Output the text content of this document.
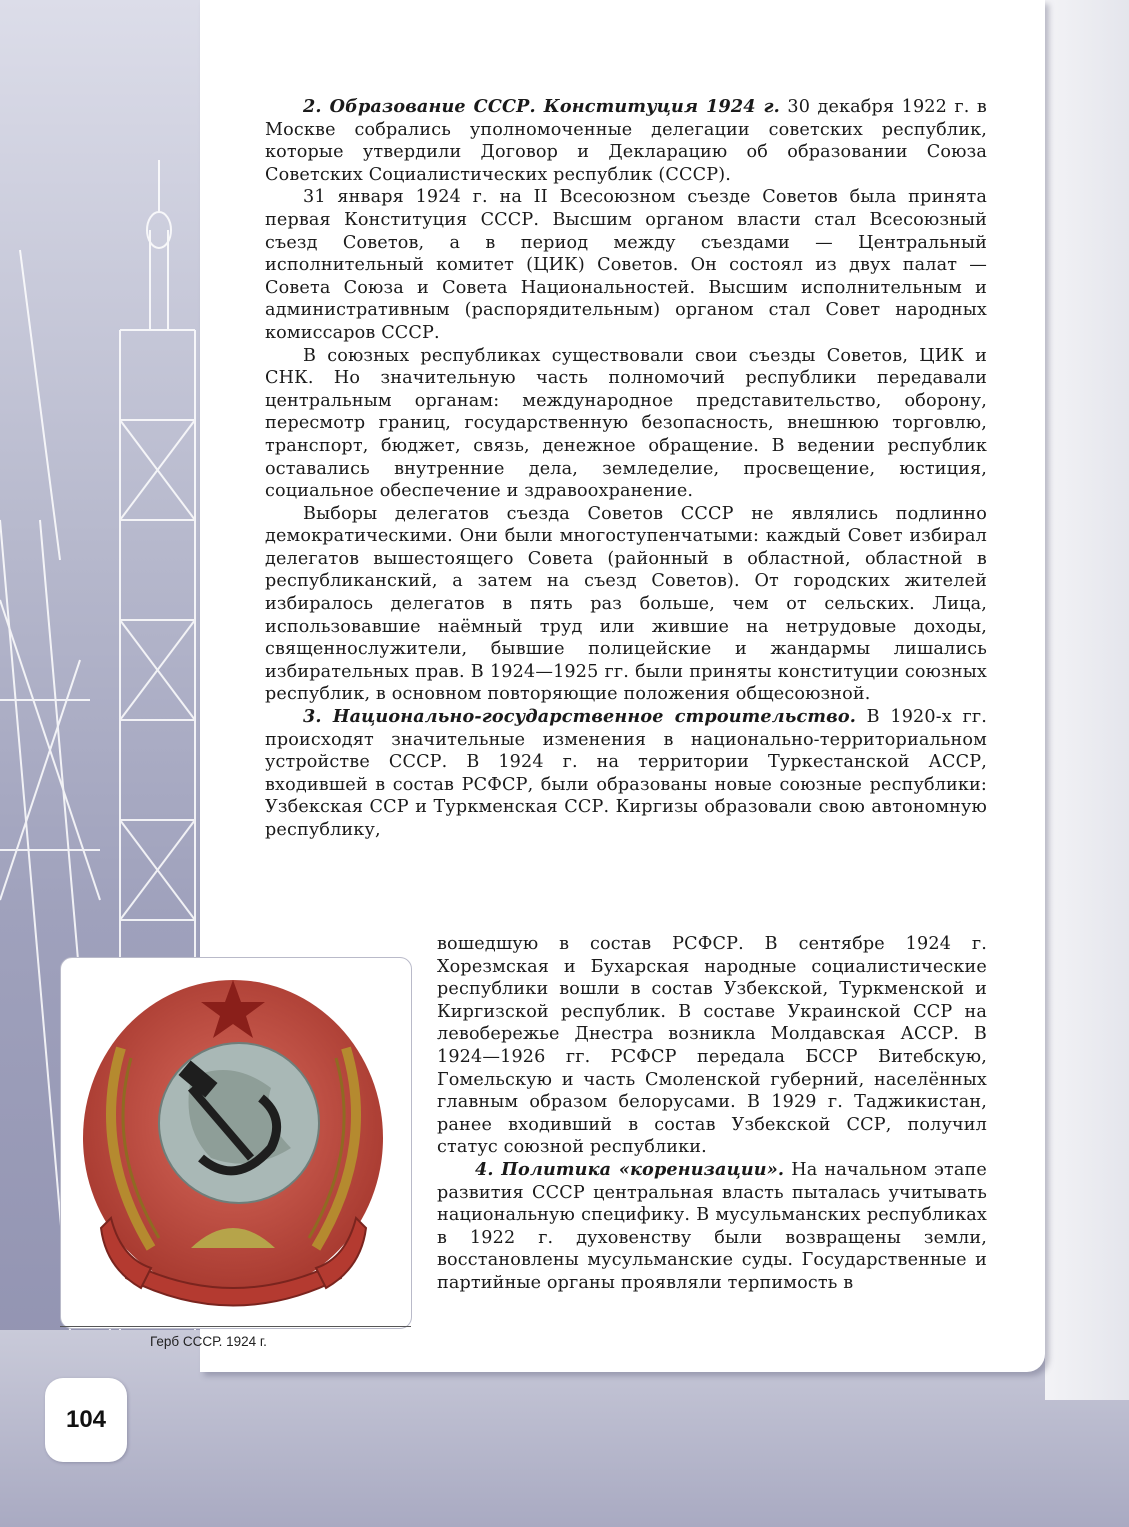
2. Образование СССР. Конституция 1924 г. 30 декабря 1922 г. в Москве собрались уполномоченные делегации советских республик, которые утвердили Договор и Декларацию об образовании Союза Советских Социалистических республик (СССР).

31 января 1924 г. на II Всесоюзном съезде Советов была принята первая Конституция СССР. Высшим органом власти стал Всесоюзный съезд Советов, а в период между съездами — Центральный исполнительный комитет (ЦИК) Советов. Он состоял из двух палат — Совета Союза и Совета Национальностей. Высшим исполнительным и административным (распорядительным) органом стал Совет народных комиссаров СССР.

В союзных республиках существовали свои съезды Советов, ЦИК и СНК. Но значительную часть полномочий республики передавали центральным органам: международное представительство, оборону, пересмотр границ, государственную безопасность, внешнюю торговлю, транспорт, бюджет, связь, денежное обращение. В ведении республик оставались внутренние дела, земледелие, просвещение, юстиция, социальное обеспечение и здравоохранение.

Выборы делегатов съезда Советов СССР не являлись подлинно демократическими. Они были многоступенчатыми: каждый Совет избирал делегатов вышестоящего Совета (районный в областной, областной в республиканский, а затем на съезд Советов). От городских жителей избиралось делегатов в пять раз больше, чем от сельских. Лица, использовавшие наёмный труд или жившие на нетрудовые доходы, священнослужители, бывшие полицейские и жандармы лишались избирательных прав. В 1924—1925 гг. были приняты конституции союзных республик, в основном повторяющие положения общесоюзной.

3. Национально-государственное строительство. В 1920-х гг. происходят значительные изменения в национально-территориальном устройстве СССР. В 1924 г. на территории Туркестанской АССР, входившей в состав РСФСР, были образованы новые союзные республики: Узбекская ССР и Туркменская ССР. Киргизы образовали свою автономную республику,

вошедшую в состав РСФСР. В сентябре 1924 г. Хорезмская и Бухарская народные социалистические республики вошли в состав Узбекской, Туркменской и Киргизской республик. В составе Украинской ССР на левобережье Днестра возникла Молдавская АССР. В 1924—1926 гг. РСФСР передала БССР Витебскую, Гомельскую и часть Смоленской губерний, населённых главным образом белорусами. В 1929 г. Таджикистан, ранее входивший в состав Узбекской ССР, получил статус союзной республики.

4. Политика «коренизации». На начальном этапе развития СССР центральная власть пыталась учитывать национальную специфику. В мусульманских республиках в 1922 г. духовенству были возвращены земли, восстановлены мусульманские суды. Государственные и партийные органы проявляли терпимость в

Герб СССР. 1924 г.
104
